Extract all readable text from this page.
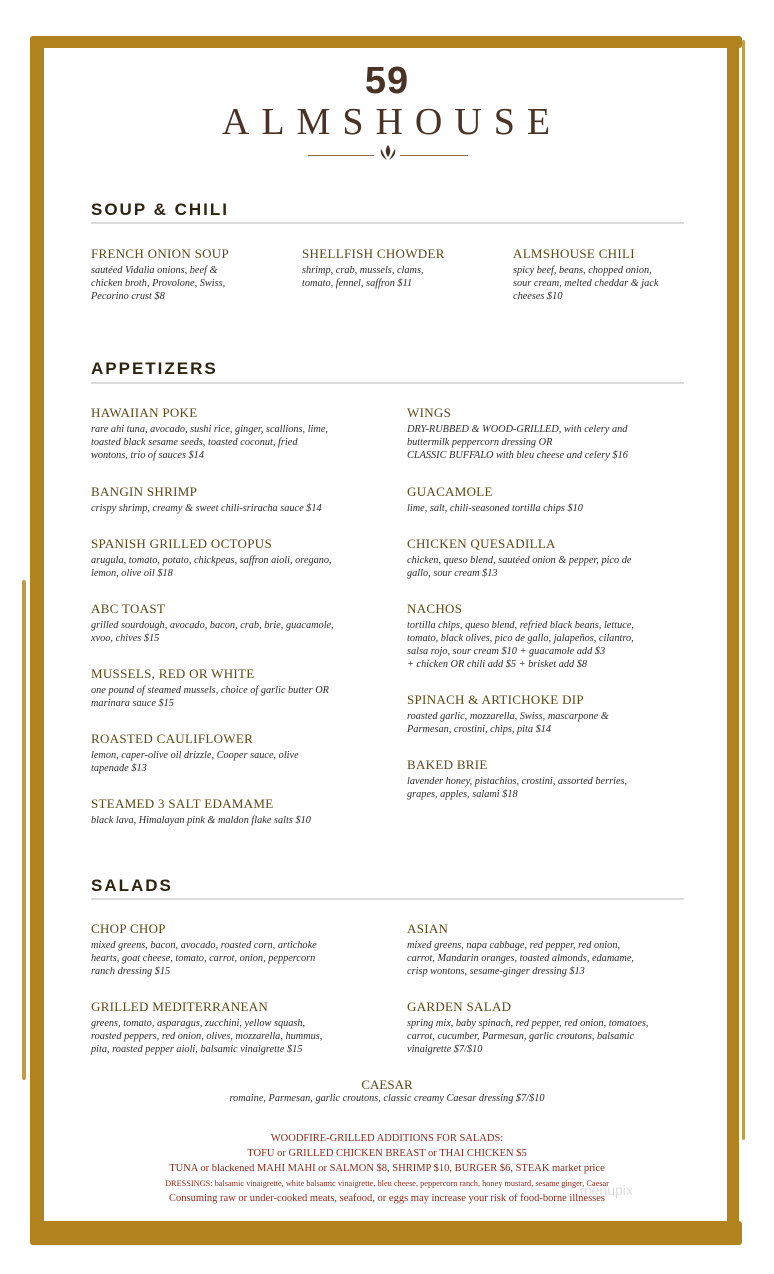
59
ALMSHOUSE
SOUP & CHILI
FRENCH ONION SOUP
sautéed Vidalia onions, beef &
chicken broth, Provolone, Swiss,
Pecorino crust $8
SHELLFISH CHOWDER
shrimp, crab, mussels, clams,
tomato, fennel, saffron $11
ALMSHOUSE CHILI
spicy beef, beans, chopped onion,
sour cream, melted cheddar & jack
cheeses $10
APPETIZERS
HAWAIIAN POKE
rare ahi tuna, avocado, sushi rice, ginger, scallions, lime,
toasted black sesame seeds, toasted coconut, fried
wontons, trio of sauces $14
BANGIN SHRIMP
crispy shrimp, creamy & sweet chili-sriracha sauce $14
SPANISH GRILLED OCTOPUS
arugula, tomato, potato, chickpeas, saffron aioli, oregano,
lemon, olive oil $18
ABC TOAST
grilled sourdough, avocado, bacon, crab, brie, guacamole,
xvoo, chives $15
MUSSELS, RED OR WHITE
one pound of steamed mussels, choice of garlic butter OR
marinara sauce $15
ROASTED CAULIFLOWER
lemon, caper-olive oil drizzle, Cooper sauce, olive
tapenade $13
STEAMED 3 SALT EDAMAME
black lava, Himalayan pink & maldon flake salts $10
WINGS
DRY-RUBBED & WOOD-GRILLED, with celery and
buttermilk peppercorn dressing OR
CLASSIC BUFFALO with bleu cheese and celery $16
GUACAMOLE
lime, salt, chili-seasoned tortilla chips $10
CHICKEN QUESADILLA
chicken, queso blend, sautéed onion & pepper, pico de
gallo, sour cream $13
NACHOS
tortilla chips, queso blend, refried black beans, lettuce,
tomato, black olives, pico de gallo, jalapeños, cilantro,
salsa rojo, sour cream $10 + guacamole add $3
+ chicken OR chili add $5 + brisket add $8
SPINACH & ARTICHOKE DIP
roasted garlic, mozzarella, Swiss, mascarpone &
Parmesan, crostini, chips, pita $14
BAKED BRIE
lavender honey, pistachios, crostini, assorted berries,
grapes, apples, salami $18
SALADS
CHOP CHOP
mixed greens, bacon, avocado, roasted corn, artichoke
hearts, goat cheese, tomato, carrot, onion, peppercorn
ranch dressing $15
GRILLED MEDITERRANEAN
greens, tomato, asparagus, zucchini, yellow squash,
roasted peppers, red onion, olives, mozzarella, hummus,
pita, roasted pepper aioli, balsamic vinaigrette $15
ASIAN
mixed greens, napa cabbage, red pepper, red onion,
carrot, Mandarin oranges, toasted almonds, edamame,
crisp wontons, sesame-ginger dressing $13
GARDEN SALAD
spring mix, baby spinach, red pepper, red onion, tomatoes,
carrot, cucumber, Parmesan, garlic croutons, balsamic
vinaigrette $7/$10
CAESAR
romaine, Parmesan, garlic croutons, classic creamy Caesar dressing $7/$10
WOODFIRE-GRILLED ADDITIONS FOR SALADS:
TOFU or GRILLED CHICKEN BREAST or THAI CHICKEN $5
TUNA or blackened MAHI MAHI or SALMON $8, SHRIMP $10, BURGER $6, STEAK market price
DRESSINGS: balsamic vinaigrette, white balsamic vinaigrette, bleu cheese, peppercorn ranch, honey mustard, sesame ginger, Caesar
Consuming raw or under-cooked meats, seafood, or eggs may increase your risk of food-borne illnesses
menupix
